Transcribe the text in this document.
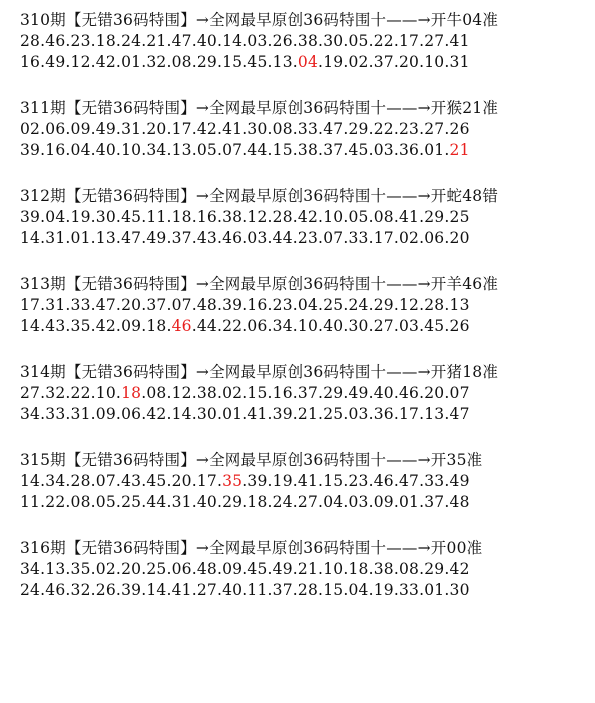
310期【无错36码特围】→全网最早原创36码特围十——→开牛04准
28.46.23.18.24.21.47.40.14.03.26.38.30.05.22.17.27.41
16.49.12.42.01.32.08.29.15.45.13.04.19.02.37.20.10.31
311期【无错36码特围】→全网最早原创36码特围十——→开猴21准
02.06.09.49.31.20.17.42.41.30.08.33.47.29.22.23.27.26
39.16.04.40.10.34.13.05.07.44.15.38.37.45.03.36.01.21
312期【无错36码特围】→全网最早原创36码特围十——→开蛇48错
39.04.19.30.45.11.18.16.38.12.28.42.10.05.08.41.29.25
14.31.01.13.47.49.37.43.46.03.44.23.07.33.17.02.06.20
313期【无错36码特围】→全网最早原创36码特围十——→开羊46准
17.31.33.47.20.37.07.48.39.16.23.04.25.24.29.12.28.13
14.43.35.42.09.18.46.44.22.06.34.10.40.30.27.03.45.26
314期【无错36码特围】→全网最早原创36码特围十——→开猪18准
27.32.22.10.18.08.12.38.02.15.16.37.29.49.40.46.20.07
34.33.31.09.06.42.14.30.01.41.39.21.25.03.36.17.13.47
315期【无错36码特围】→全网最早原创36码特围十——→开35准
14.34.28.07.43.45.20.17.35.39.19.41.15.23.46.47.33.49
11.22.08.05.25.44.31.40.29.18.24.27.04.03.09.01.37.48
316期【无错36码特围】→全网最早原创36码特围十——→开00准
34.13.35.02.20.25.06.48.09.45.49.21.10.18.38.08.29.42
24.46.32.26.39.14.41.27.40.11.37.28.15.04.19.33.01.30
